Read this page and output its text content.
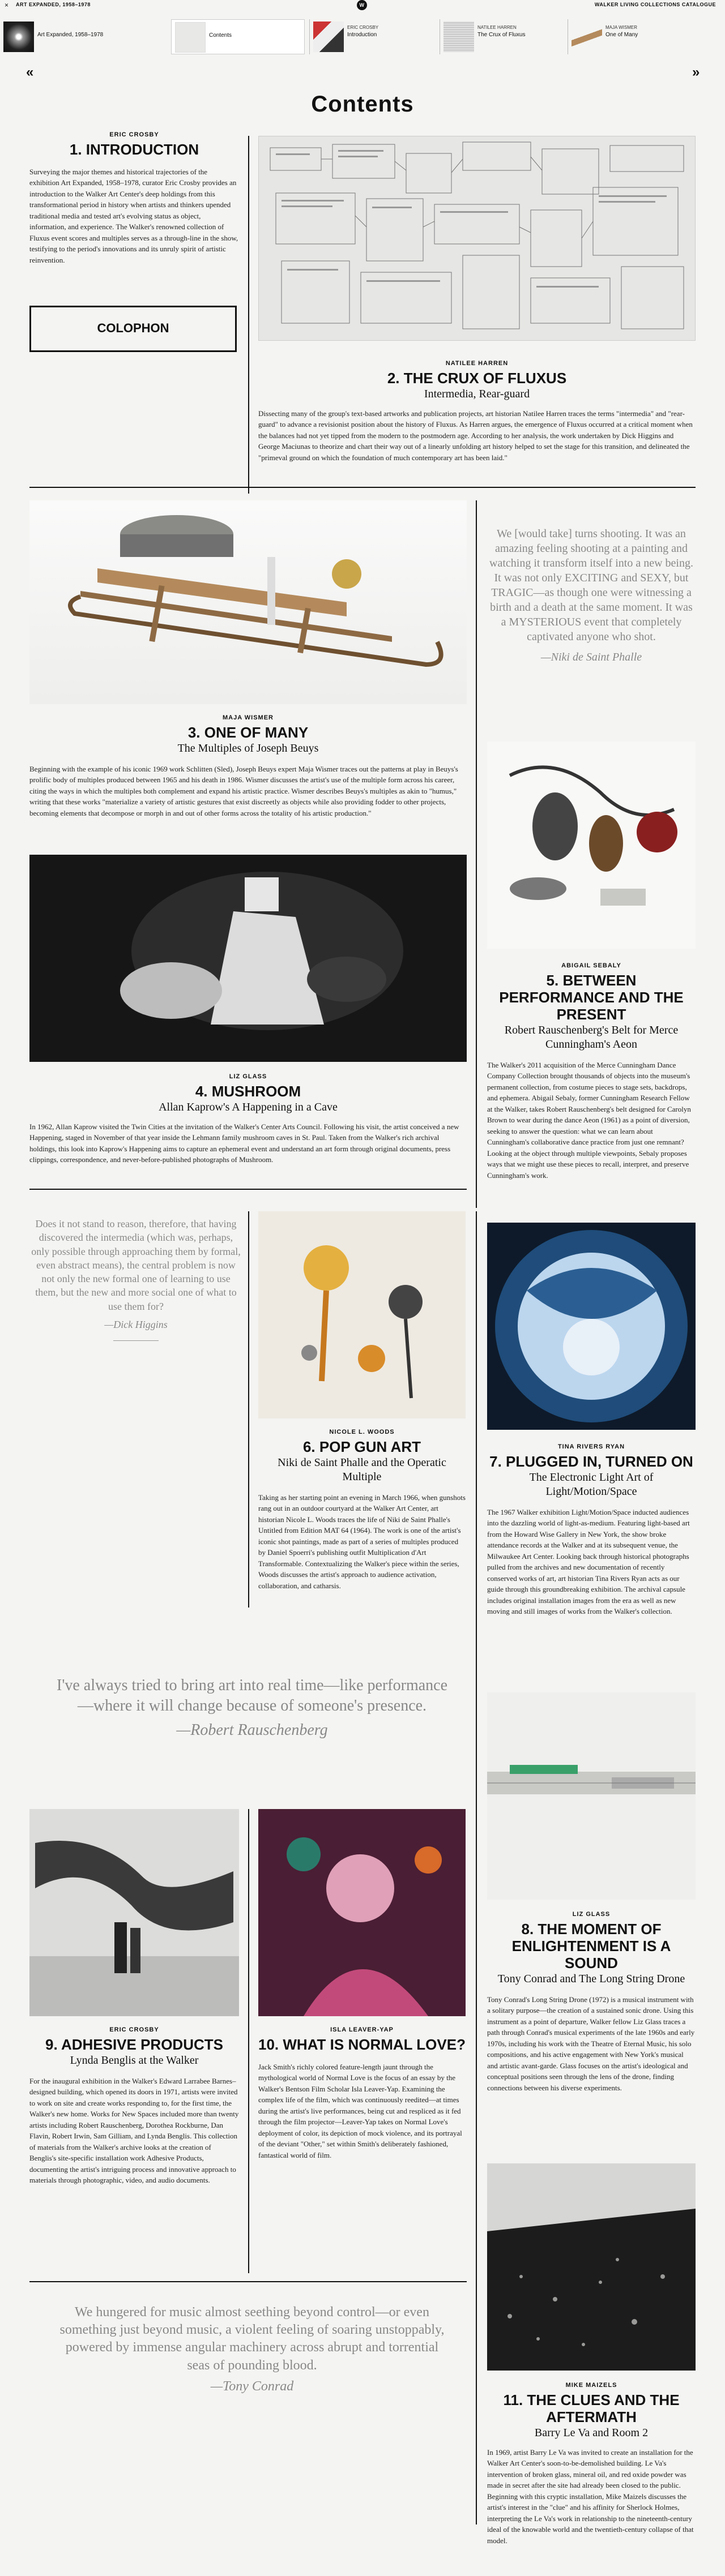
× ART EXPANDED, 1958–1978	W	WALKER LIVING COLLECTIONS CATALOGUE
Art Expanded, 1958–1978	Contents
ERIC CROSBY
Introduction
NATILEE HARREN
The Crux of Fluxus
MAJA WISMER
One of Many
«	»
Contents
ERIC CROSBY
1. INTRODUCTION

Surveying the major themes and historical trajectories of the exhibition Art Expanded, 1958–1978, curator Eric Crosby provides an introduction to the Walker Art Center's deep holdings from this transformational period in history when artists and thinkers upended traditional media and tested art's evolving status as object, information, and experience. The Walker's renowned collection of Fluxus event scores and multiples serves as a through-line in the show, testifying to the period's innovations and its unruly spirit of artistic reinvention.

COLOPHON
NATILEE HARREN
2. THE CRUX OF FLUXUS
Intermedia, Rear-guard

Dissecting many of the group's text-based artworks and publication projects, art historian Natilee Harren traces the terms "intermedia" and "rear-guard" to advance a revisionist position about the history of Fluxus. As Harren argues, the emergence of Fluxus occurred at a critical moment when the balances had not yet tipped from the modern to the postmodern age. According to her analysis, the work undertaken by Dick Higgins and George Maciunas to theorize and chart their way out of a linearly unfolding art history helped to set the stage for this transition, and delineated the "primeval ground on which the foundation of much contemporary art has been laid."

MAJA WISMER
3. ONE OF MANY
The Multiples of Joseph Beuys

Beginning with the example of his iconic 1969 work Schlitten (Sled), Joseph Beuys expert Maja Wismer traces out the patterns at play in Beuys's prolific body of multiples produced between 1965 and his death in 1986. Wismer discusses the artist's use of the multiple form across his career, citing the ways in which the multiples both complement and expand his artistic practice. Wismer describes Beuys's multiples as akin to "humus," writing that these works "materialize a variety of artistic gestures that exist discreetly as objects while also providing fodder to other projects, becoming elements that decompose or morph in and out of other forms across the totality of his artistic production."

We [would take] turns shooting. It was an amazing feeling shooting at a painting and watching it transform itself into a new being. It was not only EXCITING and SEXY, but TRAGIC—as though one were witnessing a birth and a death at the same moment. It was a MYSTERIOUS event that completely captivated anyone who shot.

—Niki de Saint Phalle

LIZ GLASS
4. MUSHROOM
Allan Kaprow's A Happening in a Cave

In 1962, Allan Kaprow visited the Twin Cities at the invitation of the Walker's Center Arts Council. Following his visit, the artist conceived a new Happening, staged in November of that year inside the Lehmann family mushroom caves in St. Paul. Taken from the Walker's rich archival holdings, this look into Kaprow's Happening aims to capture an ephemeral event and understand an art form through original documents, press clippings, correspondence, and never-before-published photographs of Mushroom.

ABIGAIL SEBALY
5. BETWEEN PERFORMANCE AND THE PRESENT
Robert Rauschenberg's Belt for Merce Cunningham's Aeon

The Walker's 2011 acquisition of the Merce Cunningham Dance Company Collection brought thousands of objects into the museum's permanent collection, from costume pieces to stage sets, backdrops, and ephemera. Abigail Sebaly, former Cunningham Research Fellow at the Walker, takes Robert Rauschenberg's belt designed for Carolyn Brown to wear during the dance Aeon (1961) as a point of diversion, seeking to answer the question: what we can learn about Cunningham's collaborative dance practice from just one remnant? Looking at the object through multiple viewpoints, Sebaly proposes ways that we might use these pieces to recall, interpret, and preserve Cunningham's work.

Does it not stand to reason, therefore, that having discovered the intermedia (which was, perhaps, only possible through approaching them by formal, even abstract means), the central problem is now not only the new formal one of learning to use them, but the new and more social one of what to use them for?

—Dick Higgins

NICOLE L. WOODS
6. POP GUN ART
Niki de Saint Phalle and the Operatic Multiple

Taking as her starting point an evening in March 1966, when gunshots rang out in an outdoor courtyard at the Walker Art Center, art historian Nicole L. Woods traces the life of Niki de Saint Phalle's Untitled from Edition MAT 64 (1964). The work is one of the artist's iconic shot paintings, made as part of a series of multiples produced by Daniel Spoerri's publishing outfit Multiplication d'Art Transformable. Contextualizing the Walker's piece within the series, Woods discusses the artist's approach to audience activation, collaboration, and catharsis.

TINA RIVERS RYAN
7. PLUGGED IN, TURNED ON
The Electronic Light Art of Light/Motion/Space

The 1967 Walker exhibition Light/Motion/Space inducted audiences into the dazzling world of light-as-medium. Featuring light-based art from the Howard Wise Gallery in New York, the show broke attendance records at the Walker and at its subsequent venue, the Milwaukee Art Center. Looking back through historical photographs pulled from the archives and new documentation of recently conserved works of art, art historian Tina Rivers Ryan acts as our guide through this groundbreaking exhibition. The archival capsule includes original installation images from the era as well as new moving and still images of works from the Walker's collection.

I've always tried to bring art into real time—like performance—where it will change because of someone's presence.

—Robert Rauschenberg

LIZ GLASS
8. THE MOMENT OF ENLIGHTENMENT IS A SOUND
Tony Conrad and The Long String Drone

Tony Conrad's Long String Drone (1972) is a musical instrument with a solitary purpose—the creation of a sustained sonic drone. Using this instrument as a point of departure, Walker fellow Liz Glass traces a path through Conrad's musical experiments of the late 1960s and early 1970s, including his work with the Theatre of Eternal Music, his solo compositions, and his active engagement with New York's musical and artistic avant-garde. Glass focuses on the artist's ideological and conceptual positions seen through the lens of the drone, finding connections between his diverse experiments.

ERIC CROSBY
9. ADHESIVE PRODUCTS
Lynda Benglis at the Walker

For the inaugural exhibition in the Walker's Edward Larrabee Barnes–designed building, which opened its doors in 1971, artists were invited to work on site and create works responding to, for the first time, the Walker's new home. Works for New Spaces included more than twenty artists including Robert Rauschenberg, Dorothea Rockburne, Dan Flavin, Robert Irwin, Sam Gilliam, and Lynda Benglis. This collection of materials from the Walker's archive looks at the creation of Benglis's site-specific installation work Adhesive Products, documenting the artist's intriguing process and innovative approach to materials through photographic, video, and audio documents.

ISLA LEAVER-YAP
10. WHAT IS NORMAL LOVE?

Jack Smith's richly colored feature-length jaunt through the mythological world of Normal Love is the focus of an essay by the Walker's Bentson Film Scholar Isla Leaver-Yap. Examining the complex life of the film, which was continuously reedited—at times during the artist's live performances, being cut and respliced as it fed through the film projector—Leaver-Yap takes on Normal Love's deployment of color, its depiction of mock violence, and its portrayal of the deviant "Other," set within Smith's deliberately fashioned, fantastical world of film.

We hungered for music almost seething beyond control—or even something just beyond music, a violent feeling of soaring unstoppably, powered by immense angular machinery across abrupt and torrential seas of pounding blood.

—Tony Conrad	MIKE MAIZELS
11. THE CLUES AND THE AFTERMATH
Barry Le Va and Room 2

In 1969, artist Barry Le Va was invited to create an installation for the Walker Art Center's soon-to-be-demolished building. Le Va's intervention of broken glass, mineral oil, and red oxide powder was made in secret after the site had already been closed to the public. Beginning with this cryptic installation, Mike Maizels discusses the artist's interest in the "clue" and his affinity for Sherlock Holmes, interpreting the Le Va's work in relationship to the nineteenth-century ideal of the knowable world and the twentieth-century collapse of that model.
